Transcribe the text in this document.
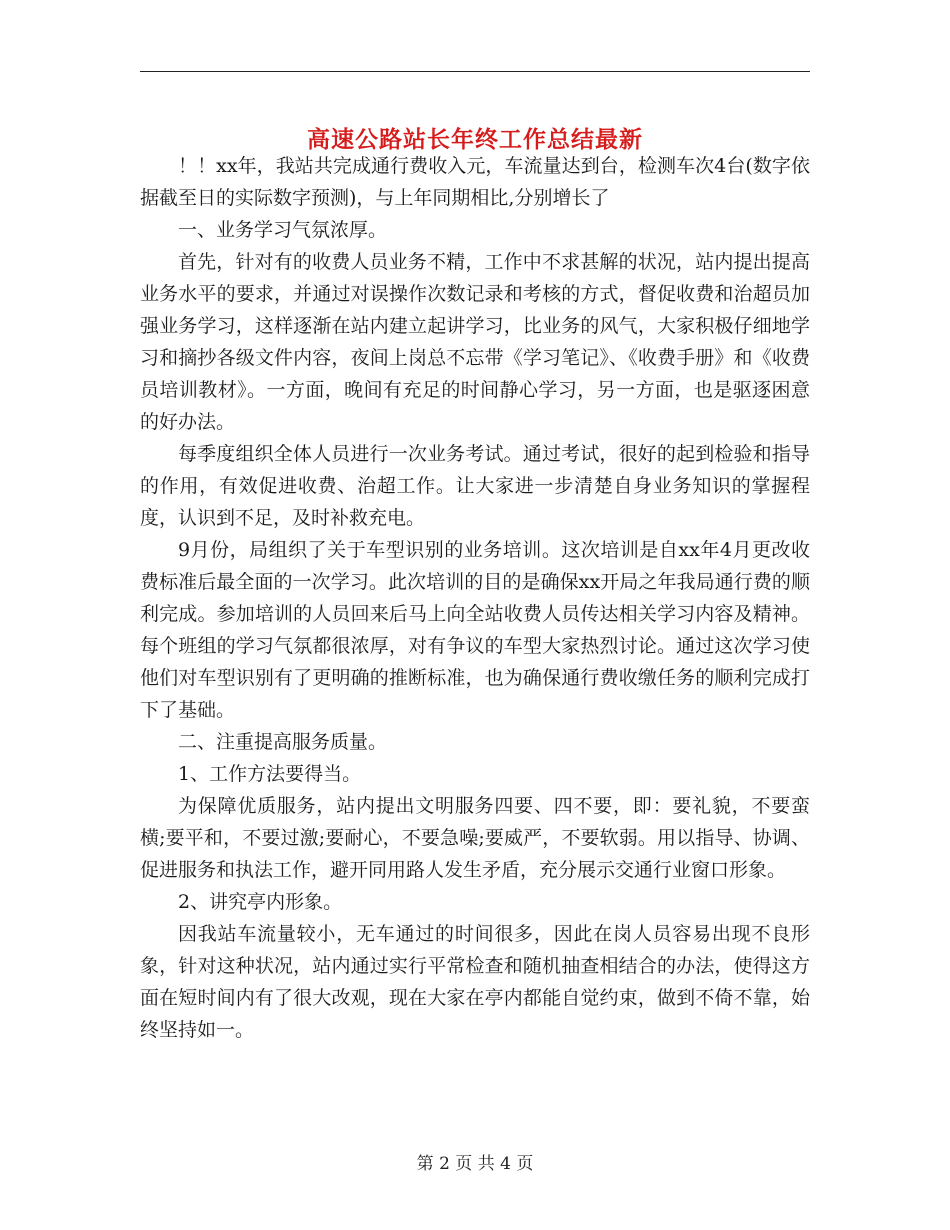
高速公路站长年终工作总结最新

！！xx年，我站共完成通行费收入元，车流量达到台，检测车次4台(数字依据截至日的实际数字预测)，与上年同期相比,分别增长了

一、业务学习气氛浓厚。

首先，针对有的收费人员业务不精，工作中不求甚解的状况，站内提出提高业务水平的要求，并通过对误操作次数记录和考核的方式，督促收费和治超员加强业务学习，这样逐渐在站内建立起讲学习，比业务的风气，大家积极仔细地学习和摘抄各级文件内容，夜间上岗总不忘带《学习笔记》、《收费手册》和《收费员培训教材》。一方面，晚间有充足的时间静心学习，另一方面，也是驱逐困意的好办法。

每季度组织全体人员进行一次业务考试。通过考试，很好的起到检验和指导的作用，有效促进收费、治超工作。让大家进一步清楚自身业务知识的掌握程度，认识到不足，及时补救充电。

9月份，局组织了关于车型识别的业务培训。这次培训是自xx年4月更改收费标准后最全面的一次学习。此次培训的目的是确保xx开局之年我局通行费的顺利完成。参加培训的人员回来后马上向全站收费人员传达相关学习内容及精神。每个班组的学习气氛都很浓厚，对有争议的车型大家热烈讨论。通过这次学习使他们对车型识别有了更明确的推断标准，也为确保通行费收缴任务的顺利完成打下了基础。

二、注重提高服务质量。

1、工作方法要得当。

为保障优质服务，站内提出文明服务四要、四不要，即：要礼貌，不要蛮横;要平和，不要过激;要耐心，不要急噪;要威严，不要软弱。用以指导、协调、促进服务和执法工作，避开同用路人发生矛盾，充分展示交通行业窗口形象。

2、讲究亭内形象。

因我站车流量较小，无车通过的时间很多，因此在岗人员容易出现不良形象，针对这种状况，站内通过实行平常检查和随机抽查相结合的办法，使得这方面在短时间内有了很大改观，现在大家在亭内都能自觉约束，做到不倚不靠，始终坚持如一。

第 2 页 共 4 页
